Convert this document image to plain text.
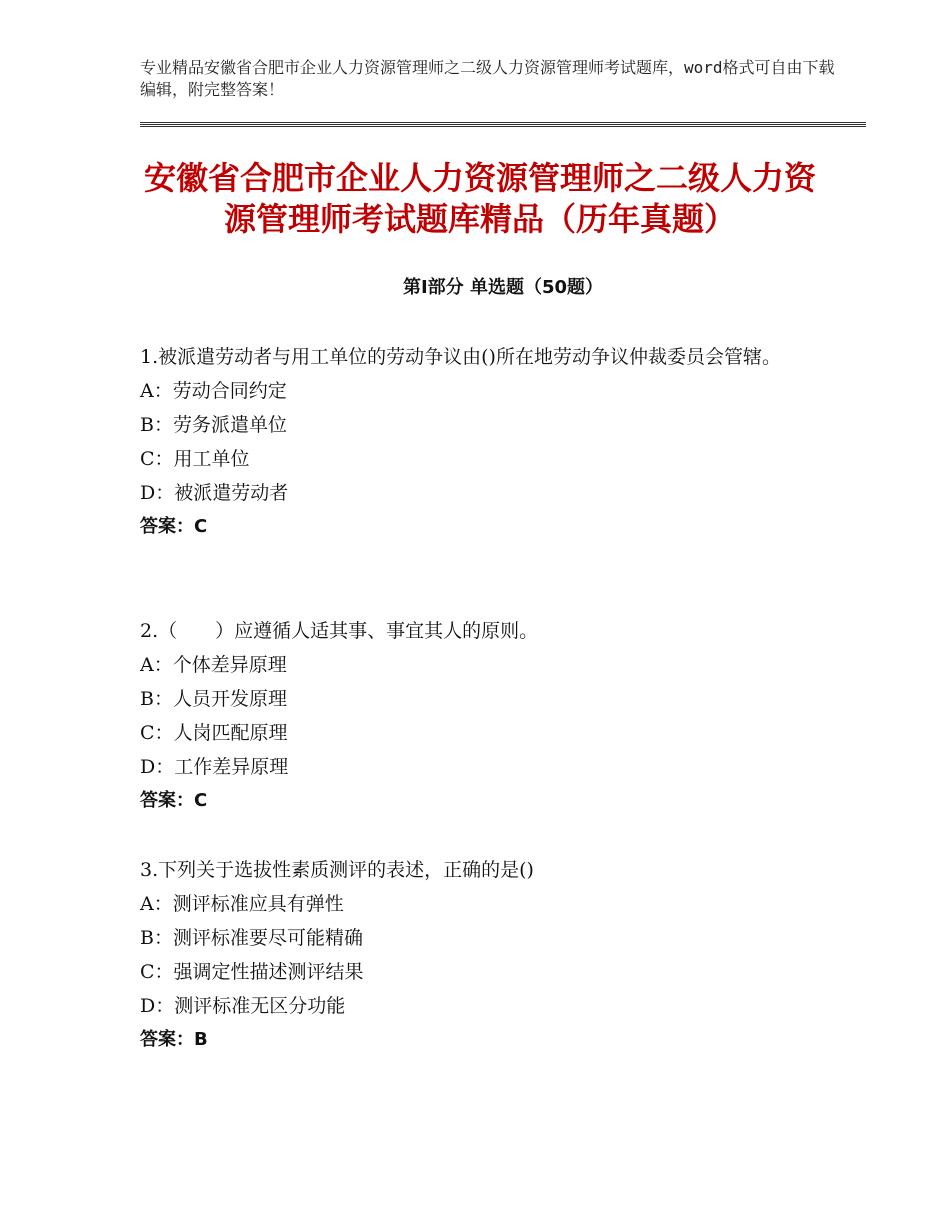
专业精品安徽省合肥市企业人力资源管理师之二级人力资源管理师考试题库，word格式可自由下载编辑，附完整答案！
安徽省合肥市企业人力资源管理师之二级人力资源管理师考试题库精品（历年真题）
第Ⅰ部分 单选题（50题）

1.被派遣劳动者与用工单位的劳动争议由()所在地劳动争议仲裁委员会管辖。

A：劳动合同约定

B：劳务派遣单位

C：用工单位

D：被派遣劳动者

答案：C

2.（　　）应遵循人适其事、事宜其人的原则。

A：个体差异原理

B：人员开发原理

C：人岗匹配原理

D：工作差异原理

答案：C

3.下列关于选拔性素质测评的表述，正确的是()

A：测评标准应具有弹性

B：测评标准要尽可能精确

C：强调定性描述测评结果

D：测评标准无区分功能

答案：B
